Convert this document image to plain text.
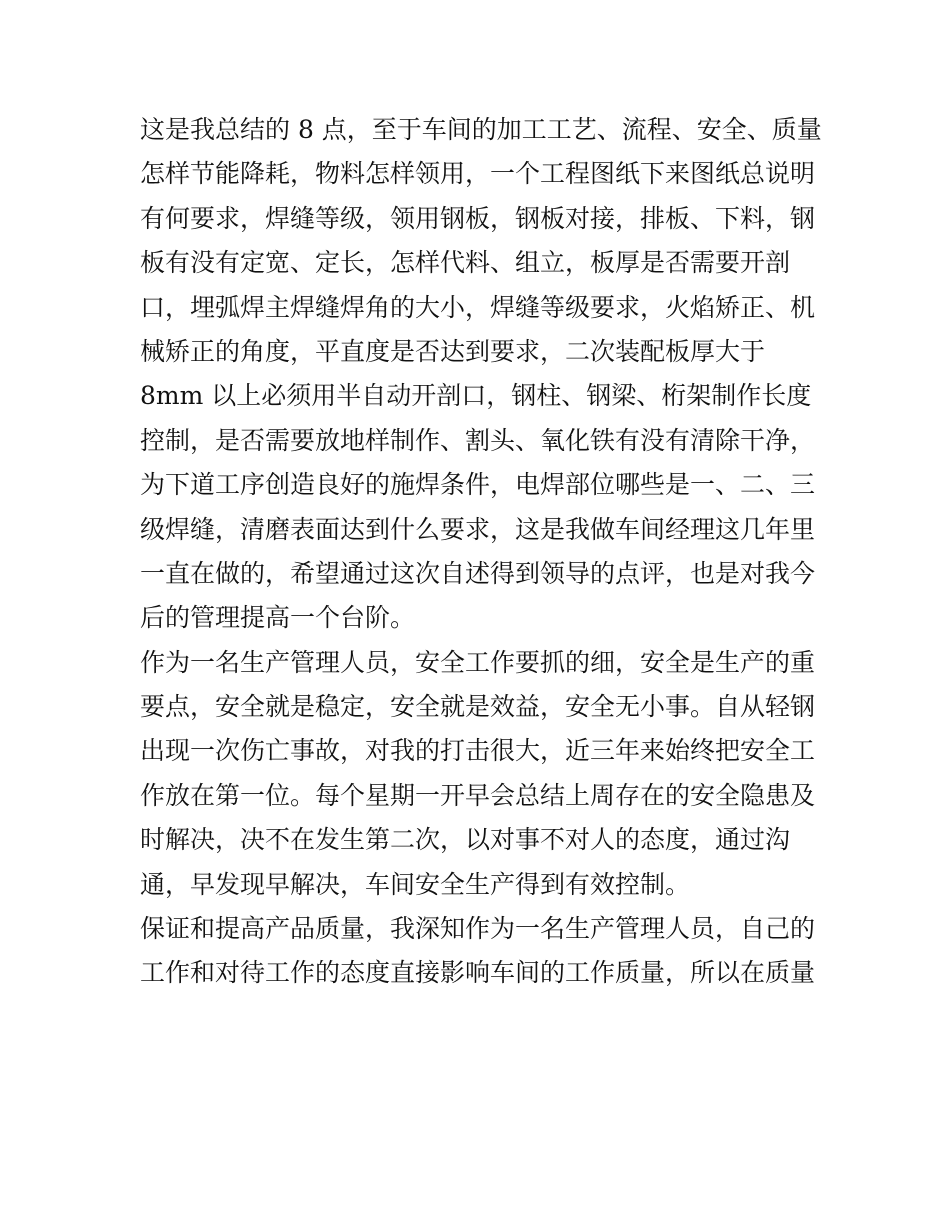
这是我总结的 8 点，至于车间的加工工艺、流程、安全、质量
怎样节能降耗，物料怎样领用，一个工程图纸下来图纸总说明
有何要求，焊缝等级，领用钢板，钢板对接，排板、下料，钢
板有没有定宽、定长，怎样代料、组立，板厚是否需要开剖
口，埋弧焊主焊缝焊角的大小，焊缝等级要求，火焰矫正、机
械矫正的角度，平直度是否达到要求，二次装配板厚大于
8mm 以上必须用半自动开剖口，钢柱、钢梁、桁架制作长度
控制，是否需要放地样制作、割头、氧化铁有没有清除干净，
为下道工序创造良好的施焊条件，电焊部位哪些是一、二、三
级焊缝，清磨表面达到什么要求，这是我做车间经理这几年里
一直在做的，希望通过这次自述得到领导的点评，也是对我今
后的管理提高一个台阶。
作为一名生产管理人员，安全工作要抓的细，安全是生产的重
要点，安全就是稳定，安全就是效益，安全无小事。自从轻钢
出现一次伤亡事故，对我的打击很大，近三年来始终把安全工
作放在第一位。每个星期一开早会总结上周存在的安全隐患及
时解决，决不在发生第二次，以对事不对人的态度，通过沟
通，早发现早解决，车间安全生产得到有效控制。
保证和提高产品质量，我深知作为一名生产管理人员，自己的
工作和对待工作的态度直接影响车间的工作质量，所以在质量
